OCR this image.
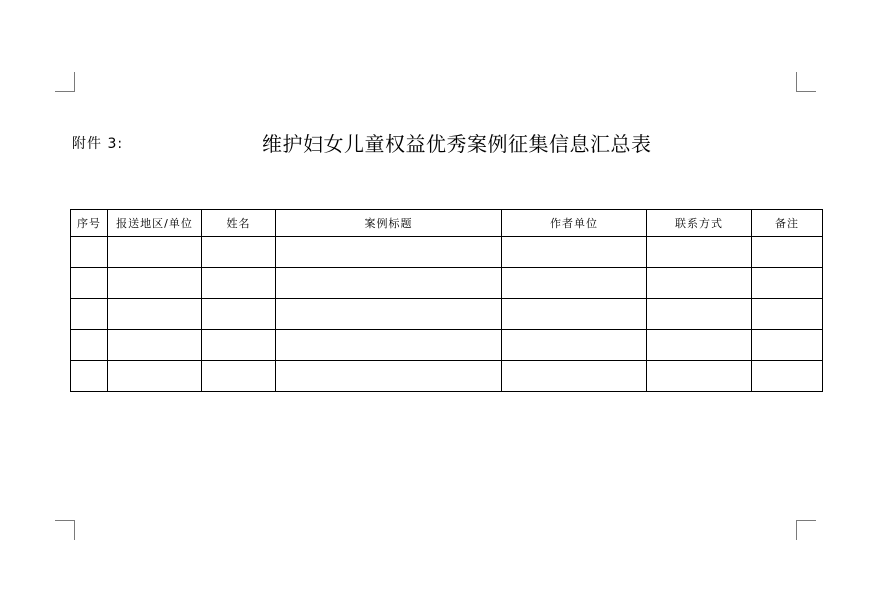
附件 3:	维护妇女儿童权益优秀案例征集信息汇总表
序号	报送地区/单位	姓名	案例标题	作者单位	联系方式	备注
